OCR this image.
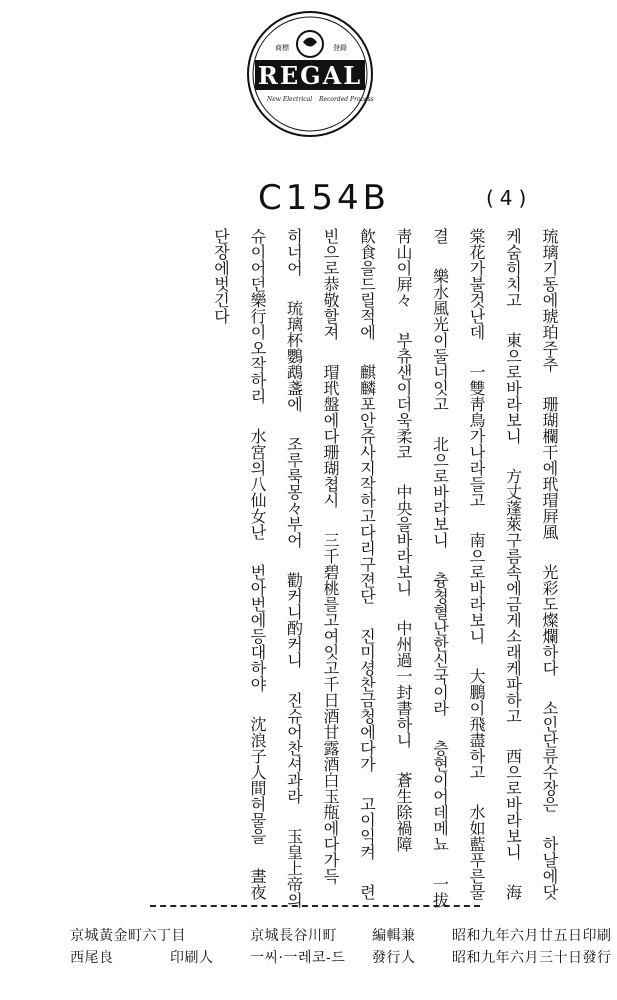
REGAL
商標	登錄
New Electrical Recorded Process
C154B	(4)
琉璃기동에琥珀주추
珊瑚欄干에玳瑁屛風
光彩도燦爛하다
소인단류수장은
하날에닷
케숨히치고
東으로바라보니
方丈蓬萊구름속에금게소래케파하고
西으로바라보니
海
棠花가불것난데
一雙靑鳥가나라들고
南으로바라보니
大鵬이飛盡하고
水如藍푸른물
결
樂水風光이둘너잇고
北으로바라보니
츙쳥혈난한신국이라
층현이어데메뇨
一拔
靑山이屛々
부츄샌이더욱柔코
中央을바라보니
中州過一封書하니
蒼生除禍障
飮食을드릴적에
麒麟포안쥬사지작하고다리구젼단
진미셩찬금청에다가
고이익켜
련
빈으로恭敬할져
瑁玳盤에다珊瑚쳡시
三千碧桃를고여잇고千日酒甘露酒白玉甁에다가득
히너어
琉璃杯鸚鵡盞에
조루룩몽々부어
勸커니酌커니
진슈어찬셔과라
玉皇上帝의
슈이어던樂行이오작하리
水宮의八仙女난
번아번에등대하야
沈浪子人間허물을
晝夜
단장에벗긴다
昭和九年六月廿五日印刷
昭和九年六月三十日發行
編輯兼
發行人
京城長谷川町
一씨·一레코-드
京城黃金町六丁目
印刷人
西尾良
